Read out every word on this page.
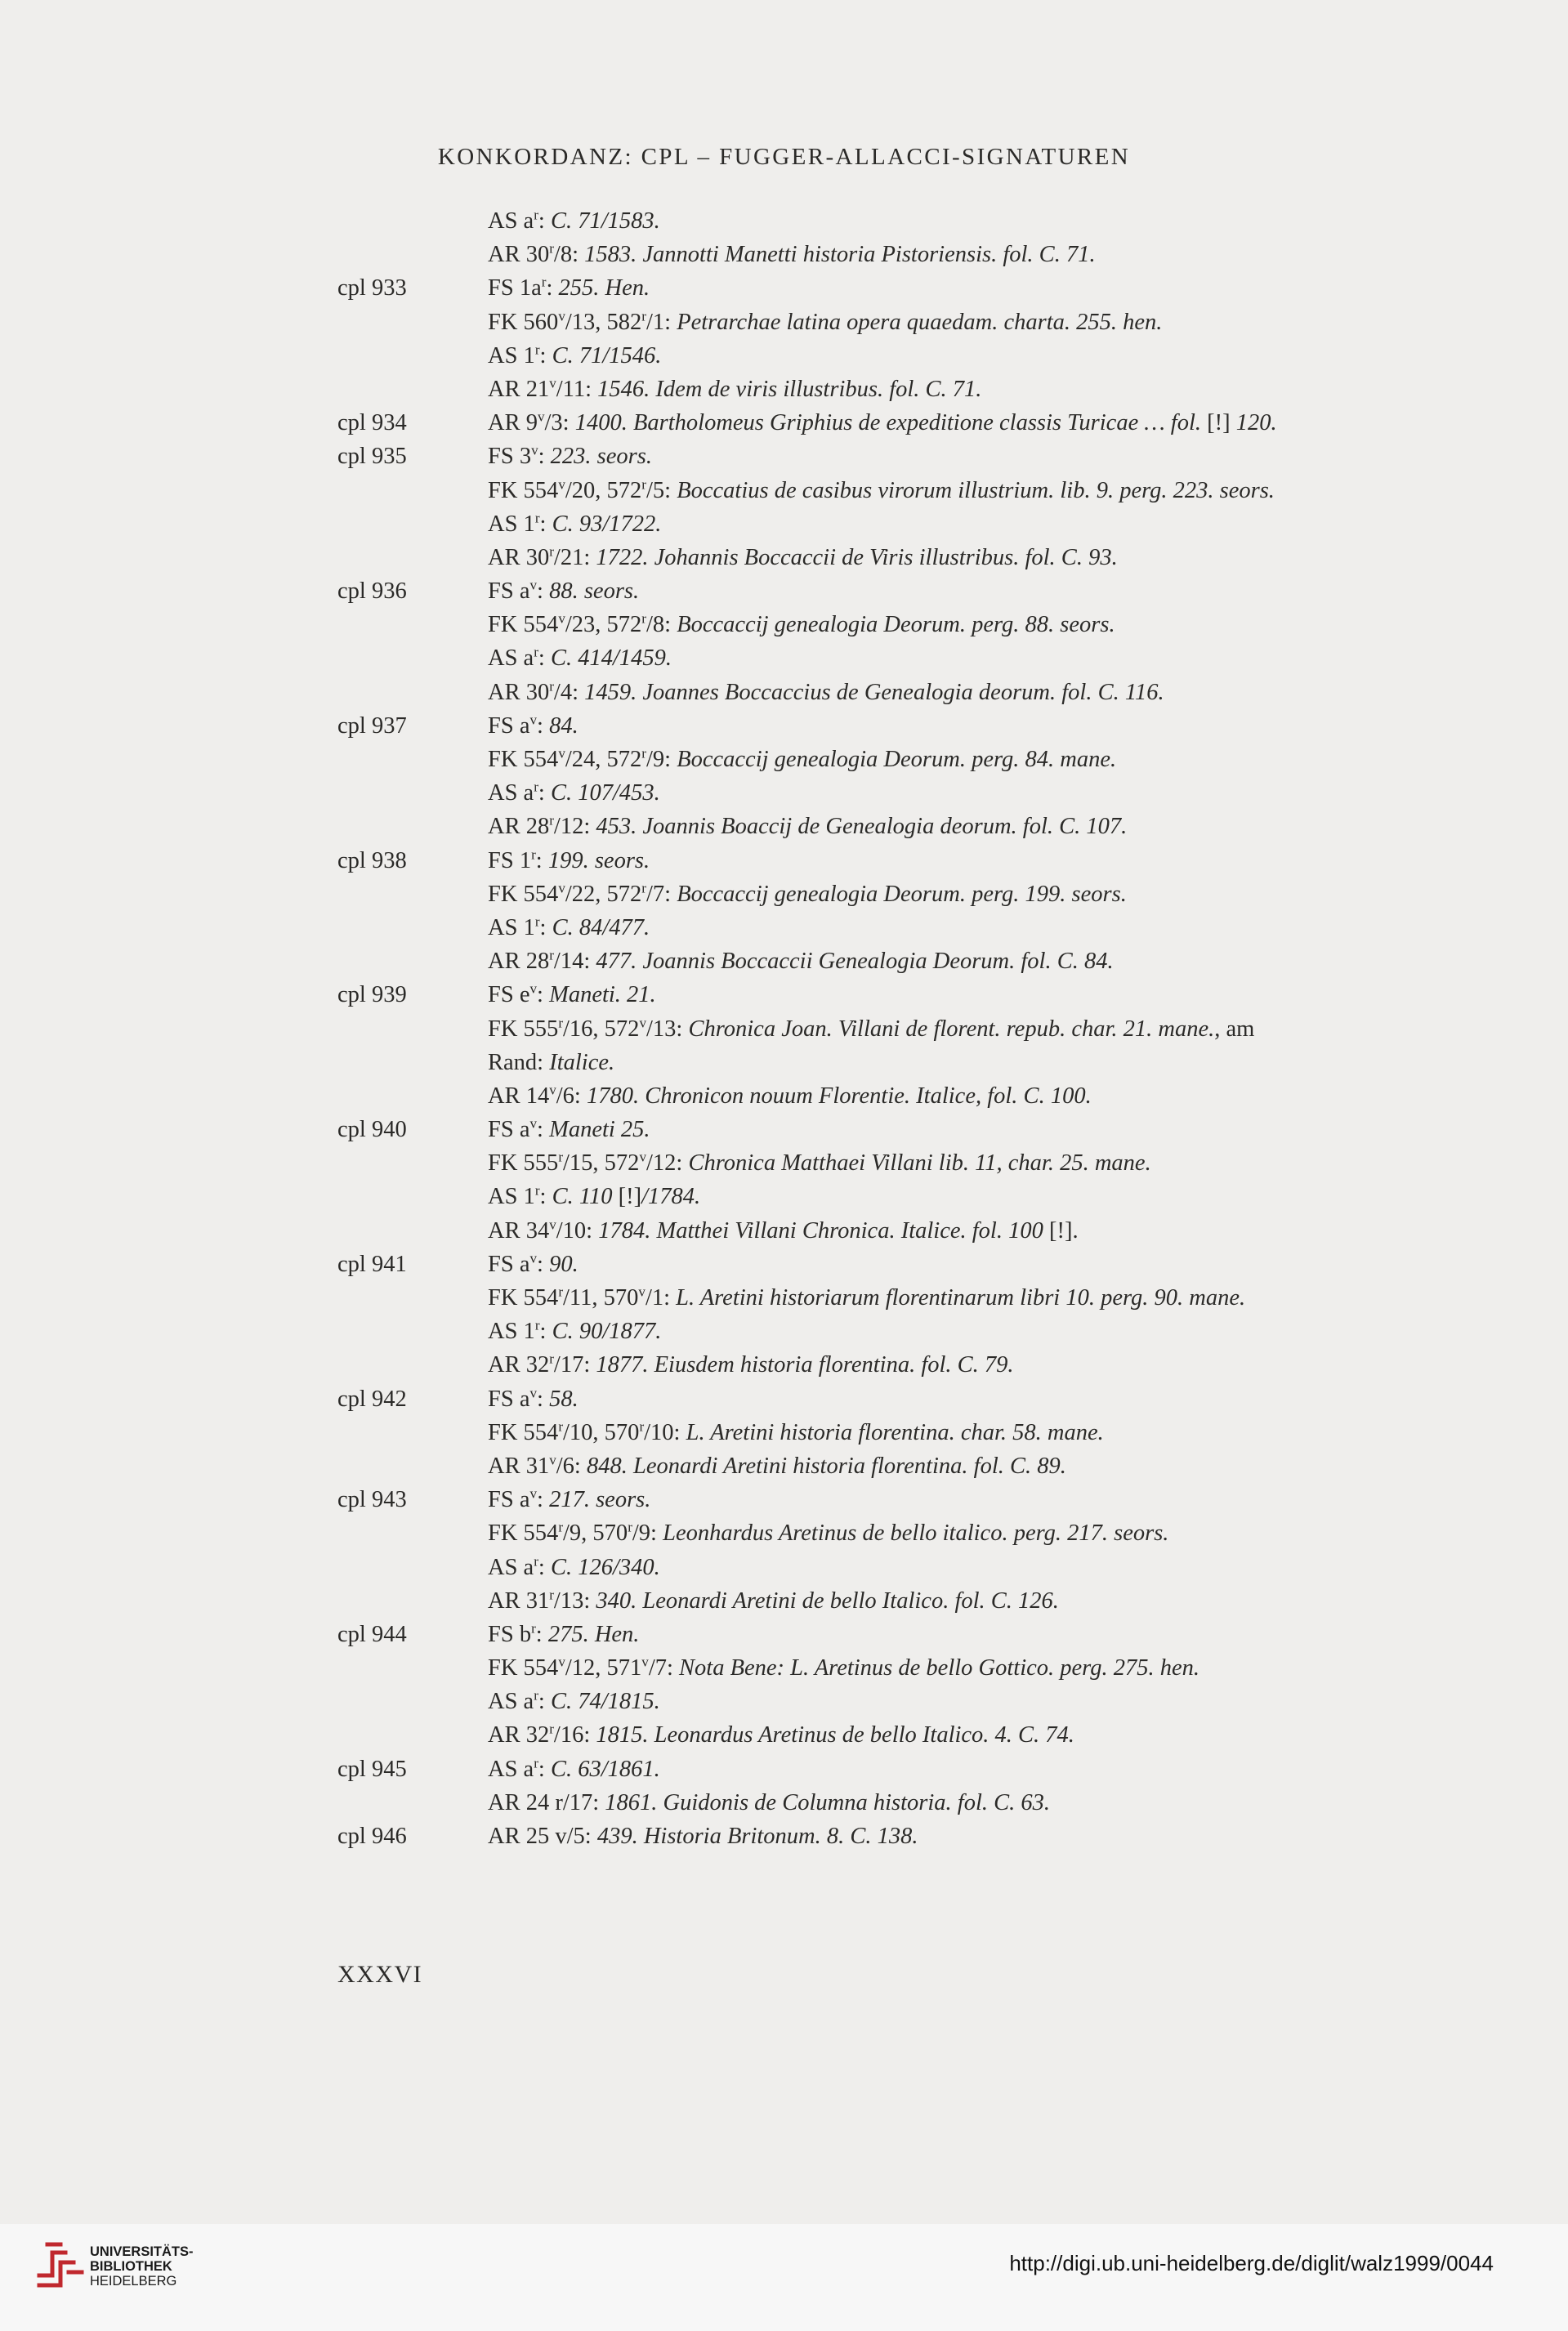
KONKORDANZ: CPL – FUGGER-ALLACCI-SIGNATUREN
AS $a^r$: C. 71/1583.
AR 30$^r$/8: 1583. Jannotti Manetti historia Pistoriensis. fol. C. 71.
cpl 933	FS $1a^r$: 255. Hen.
FK 560$^v$/13, 582$^r$/1: Petrarchae latina opera quaedam. charta. 255. hen.
AS 1$^r$: C. 71/1546.
AR 21$^v$/11: 1546. Idem de viris illustribus. fol. C. 71.
cpl 934	AR 9$^v$/3: 1400. Bartholomeus Griphius de expeditione classis Turicae … fol. [!] 120.
cpl 935	FS 3$^v$: 223. seors.
FK 554$^v$/20, 572$^r$/5: Boccatius de casibus virorum illustrium. lib. 9. perg. 223. seors.
AS 1$^r$: C. 93/1722.
AR 30$^r$/21: 1722. Johannis Boccaccii de Viris illustribus. fol. C. 93.
cpl 936	FS $a^v$: 88. seors.
FK 554$^v$/23, 572$^r$/8: Boccaccij genealogia Deorum. perg. 88. seors.
AS $a^r$: C. 414/1459.
AR 30$^r$/4: 1459. Joannes Boccaccius de Genealogia deorum. fol. C. 116.
cpl 937	FS $a^v$: 84.
FK 554$^v$/24, 572$^r$/9: Boccaccij genealogia Deorum. perg. 84. mane.
AS $a^r$: C. 107/453.
AR 28$^r$/12: 453. Joannis Boaccij de Genealogia deorum. fol. C. 107.
cpl 938	FS 1$^r$: 199. seors.
FK 554$^v$/22, 572$^r$/7: Boccaccij genealogia Deorum. perg. 199. seors.
AS 1$^r$: C. 84/477.
AR 28$^r$/14: 477. Joannis Boccaccii Genealogia Deorum. fol. C. 84.
cpl 939	FS $e^v$: Maneti. 21.
FK 555$^r$/16, 572$^v$/13: Chronica Joan. Villani de florent. repub. char. 21. mane., am
Rand: Italice.
AR 14$^v$/6: 1780. Chronicon nouum Florentie. Italice, fol. C. 100.
cpl 940	FS $a^v$: Maneti 25.
FK 555$^r$/15, 572$^v$/12: Chronica Matthaei Villani lib. 11, char. 25. mane.
AS 1$^r$: C. 110 [!]/1784.
AR 34$^v$/10: 1784. Matthei Villani Chronica. Italice. fol. 100 [!].
cpl 941	FS $a^v$: 90.
FK 554$^r$/11, 570$^v$/1: L. Aretini historiarum florentinarum libri 10. perg. 90. mane.
AS 1$^r$: C. 90/1877.
AR 32$^r$/17: 1877. Eiusdem historia florentina. fol. C. 79.
cpl 942	FS $a^v$: 58.
FK 554$^r$/10, 570$^r$/10: L. Aretini historia florentina. char. 58. mane.
AR 31$^v$/6: 848. Leonardi Aretini historia florentina. fol. C. 89.
cpl 943	FS $a^v$: 217. seors.
FK 554$^r$/9, 570$^r$/9: Leonhardus Aretinus de bello italico. perg. 217. seors.
AS $a^r$: C. 126/340.
AR 31$^r$/13: 340. Leonardi Aretini de bello Italico. fol. C. 126.
cpl 944	FS $b^r$: 275. Hen.
FK 554$^v$/12, 571$^v$/7: Nota Bene: L. Aretinus de bello Gottico. perg. 275. hen.
AS $a^r$: C. 74/1815.
AR 32$^r$/16: 1815. Leonardus Aretinus de bello Italico. 4. C. 74.
cpl 945	AS $a^r$: C. 63/1861.
AR 24 r/17: 1861. Guidonis de Columna historia. fol. C. 63.
cpl 946	AR 25 v/5: 439. Historia Britonum. 8. C. 138.
XXXVI
UNIVERSITÄTS-
BIBLIOTHEK
HEIDELBERG
http://digi.ub.uni-heidelberg.de/diglit/walz1999/0044
